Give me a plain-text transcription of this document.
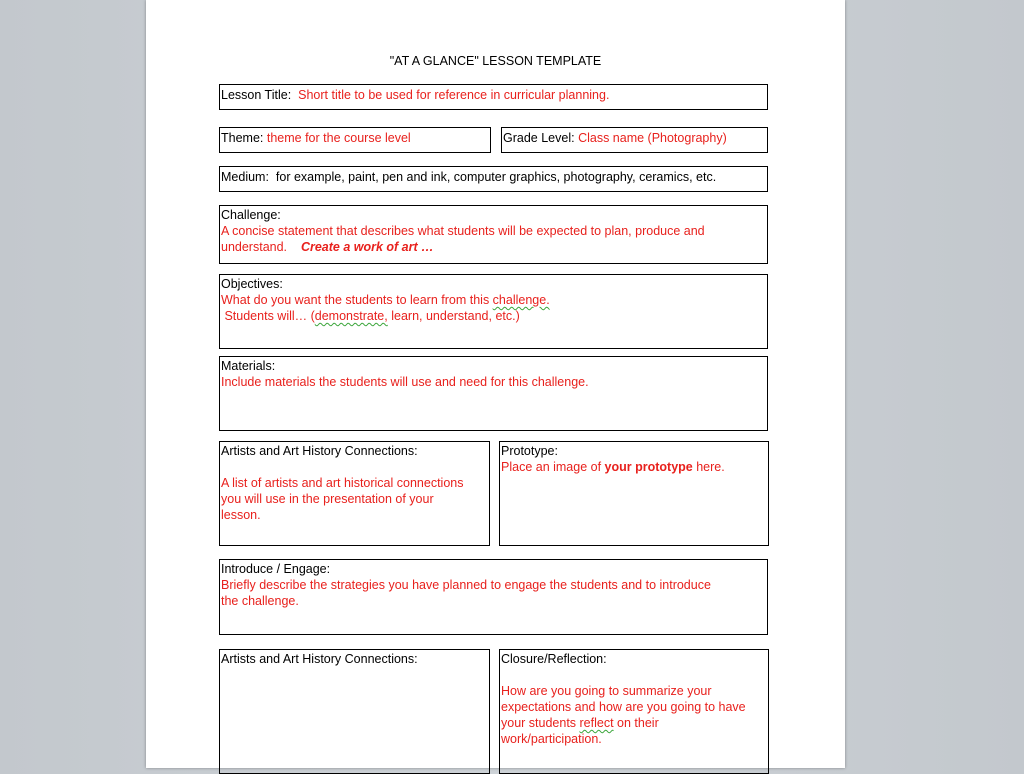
"AT A GLANCE" LESSON TEMPLATE
Lesson Title: Short title to be used for reference in curricular planning.
Theme: theme for the course level	Grade Level: Class name (Photography)
Medium: for example, paint, pen and ink, computer graphics, photography, ceramics, etc.
Challenge:
A concise statement that describes what students will be expected to plan, produce and
understand. Create a work of art …
Objectives:
What do you want the students to learn from this challenge.
Students will… (demonstrate, learn, understand, etc.)
Materials:
Include materials the students will use and need for this challenge.
Artists and Art History Connections:

A list of artists and art historical connections
you will use in the presentation of your
lesson.
Prototype:
Place an image of your prototype here.
Introduce / Engage:
Briefly describe the strategies you have planned to engage the students and to introduce
the challenge.
Artists and Art History Connections:	Closure/Reflection:

How are you going to summarize your
expectations and how are you going to have
your students reflect on their
work/participation.
